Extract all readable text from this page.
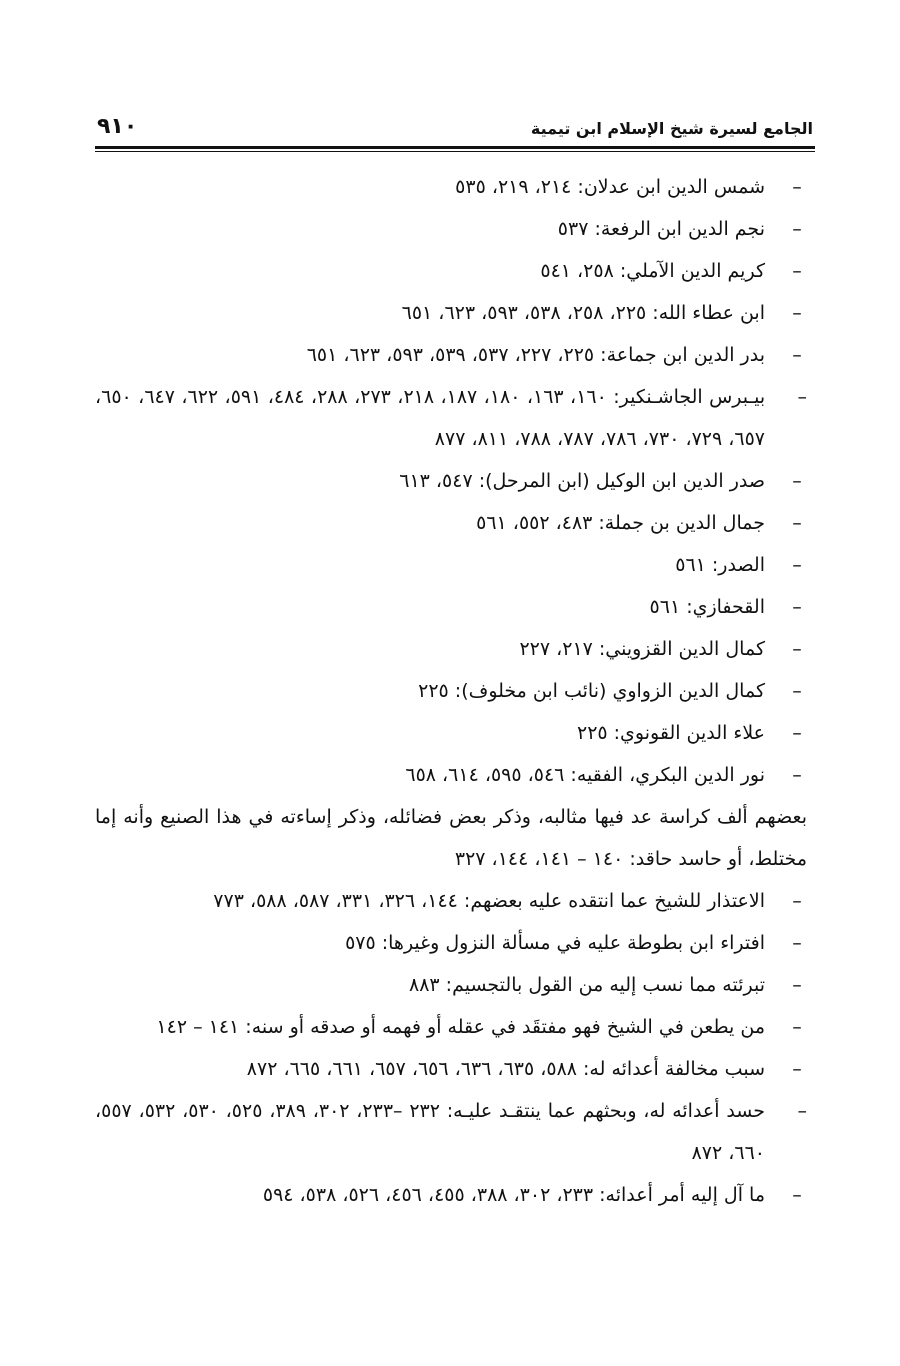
الجامع لسيرة شيخ الإسلام ابن تيمية
٩١٠
–
شمس الدين ابن عدلان: ٢١٤، ٢١٩، ٥٣٥
–
نجم الدين ابن الرفعة: ٥٣٧
–
كريم الدين الآملي: ٢٥٨، ٥٤١
–
ابن عطاء الله: ٢٢٥، ٢٥٨، ٥٣٨، ٥٩٣، ٦٢٣، ٦٥١
–
بدر الدين ابن جماعة: ٢٢٥، ٢٢٧، ٥٣٧، ٥٣٩، ٥٩٣، ٦٢٣، ٦٥١
–
بيـبرس الجاشـنكير: ١٦٠، ١٦٣، ١٨٠، ١٨٧، ٢١٨، ٢٧٣، ٢٨٨، ٤٨٤، ٥٩١، ٦٢٢، ٦٤٧، ٦٥٠، ٦٥٧، ٧٢٩، ٧٣٠، ٧٨٦، ٧٨٧، ٧٨٨، ٨١١، ٨٧٧
–
صدر الدين ابن الوكيل (ابن المرحل): ٥٤٧، ٦١٣
–
جمال الدين بن جملة: ٤٨٣، ٥٥٢، ٥٦١
–
الصدر: ٥٦١
–
القحفازي: ٥٦١
–
كمال الدين القزويني: ٢١٧، ٢٢٧
–
كمال الدين الزواوي (نائب ابن مخلوف): ٢٢٥
–
علاء الدين القونوي: ٢٢٥
–
نور الدين البكري، الفقيه: ٥٤٦، ٥٩٥، ٦١٤، ٦٥٨
بعضهم ألف كراسة عد فيها مثالبه، وذكر بعض فضائله، وذكر إساءته في هذا الصنيع وأنه إما مختلط، أو حاسد حاقد: ١٤٠ – ١٤١، ١٤٤، ٣٢٧
–
الاعتذار للشيخ عما انتقده عليه بعضهم: ١٤٤، ٣٢٦، ٣٣١، ٥٨٧، ٥٨٨، ٧٧٣
–
افتراء ابن بطوطة عليه في مسألة النزول وغيرها: ٥٧٥
–
تبرئته مما نسب إليه من القول بالتجسيم: ٨٨٣
–
من يطعن في الشيخ فهو مفتقَد في عقله أو فهمه أو صدقه أو سنه: ١٤١ – ١٤٢
–
سبب مخالفة أعدائه له: ٥٨٨، ٦٣٥، ٦٣٦، ٦٥٦، ٦٥٧، ٦٦١، ٦٦٥، ٨٧٢
–
حسد أعدائه له، وبحثهم عما ينتقـد عليـه: ٢٣٢ –٢٣٣، ٣٠٢، ٣٨٩، ٥٢٥، ٥٣٠، ٥٣٢، ٥٥٧، ٦٦٠، ٨٧٢
–
ما آل إليه أمر أعدائه: ٢٣٣، ٣٠٢، ٣٨٨، ٤٥٥، ٤٥٦، ٥٢٦، ٥٣٨، ٥٩٤
